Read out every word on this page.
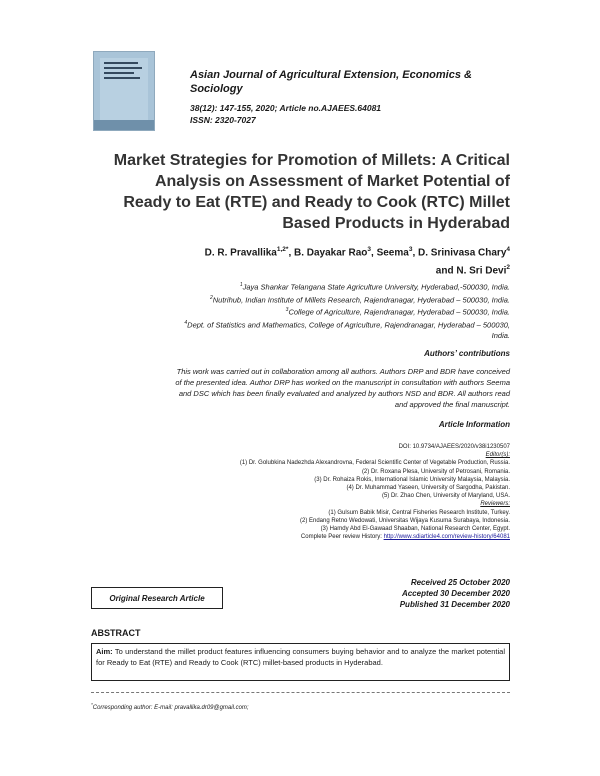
Asian Journal of Agricultural Extension, Economics & Sociology
38(12): 147-155, 2020; Article no.AJAEES.64081
ISSN: 2320-7027
Market Strategies for Promotion of Millets: A Critical
Analysis on Assessment of Market Potential of
Ready to Eat (RTE) and Ready to Cook (RTC) Millet
Based Products in Hyderabad
D. R. Pravallika$^{1,2*}$, B. Dayakar Rao$^3$, Seema$^3$, D. Srinivasa Chary$^4$
and N. Sri Devi$^2$
$^1$Jaya Shankar Telangana State Agriculture University, Hyderabad,-500030, India.
$^2$Nutrihub, Indian Institute of Millets Research, Rajendranagar, Hyderabad – 500030, India.
$^3$College of Agriculture, Rajendranagar, Hyderabad – 500030, India.
$^4$Dept. of Statistics and Mathematics, College of Agriculture, Rajendranagar, Hyderabad – 500030,
India.
Authors’ contributions
This work was carried out in collaboration among all authors. Authors DRP and BDR have conceived
of the presented idea. Author DRP has worked on the manuscript in consultation with authors Seema
and DSC which has been finally evaluated and analyzed by authors NSD and BDR. All authors read
and approved the final manuscript.
Article Information
DOI: 10.9734/AJAEES/2020/v38i1230507
Editor(s):
(1) Dr. Golubkina Nadezhda Alexandrovna, Federal Scientific Center of Vegetable Production, Russia.
(2) Dr. Roxana Plesa, University of Petrosani, Romania.
(3) Dr. Rohaiza Rokis, International Islamic University Malaysia, Malaysia.
(4) Dr. Muhammad Yaseen, University of Sargodha, Pakistan.
(5) Dr. Zhao Chen, University of Maryland, USA.
Reviewers:
(1) Gulsum Babik Misir, Central Fisheries Research Institute, Turkey.
(2) Endang Retno Wedowati, Universitas Wijaya Kusuma Surabaya, Indonesia.
(3) Hamdy Abd El-Gawaad Shaaban, National Research Center, Egypt.
Complete Peer review History: http://www.sdiarticle4.com/review-history/64081
Received 25 October 2020
Accepted 30 December 2020
Published 31 December 2020
Original Research Article
ABSTRACT
Aim: To understand the millet product features influencing consumers buying behavior and to analyze the market potential for Ready to Eat (RTE) and Ready to Cook (RTC) millet-based products in Hyderabad.
*Corresponding author: E-mail: pravallika.dr09@gmail.com;
